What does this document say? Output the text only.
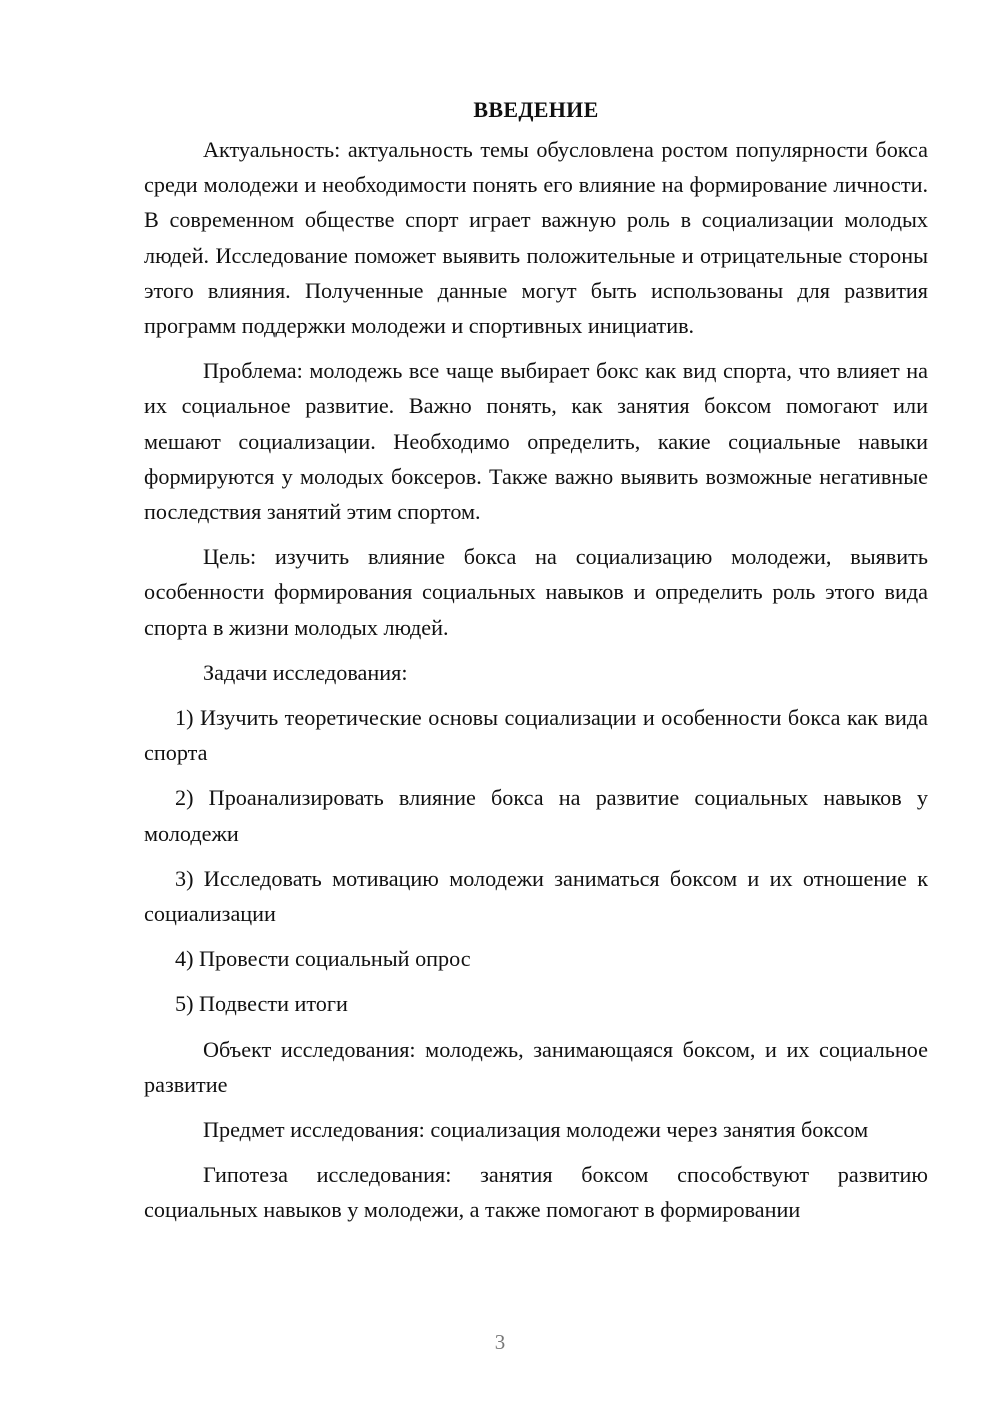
ВВЕДЕНИЕ

Актуальность: актуальность темы обусловлена ростом популярности бокса среди молодежи и необходимости понять его влияние на формирование личности. В современном обществе спорт играет важную роль в социализации молодых людей. Исследование поможет выявить положительные и отрицательные стороны этого влияния. Полученные данные могут быть использованы для развития программ поддержки молодежи и спортивных инициатив.

Проблема: молодежь все чаще выбирает бокс как вид спорта, что влияет на их социальное развитие. Важно понять, как занятия боксом помогают или мешают социализации. Необходимо определить, какие социальные навыки формируются у молодых боксеров. Также важно выявить возможные негативные последствия занятий этим спортом.

Цель: изучить влияние бокса на социализацию молодежи, выявить особенности формирования социальных навыков и определить роль этого вида спорта в жизни молодых людей.

Задачи исследования:

1) Изучить теоретические основы социализации и особенности бокса как вида спорта

2) Проанализировать влияние бокса на развитие социальных навыков у молодежи

3) Исследовать мотивацию молодежи заниматься боксом и их отношение к социализации

4) Провести социальный опрос

5) Подвести итоги

Объект исследования: молодежь, занимающаяся боксом, и их социальное развитие

Предмет исследования: социализация молодежи через занятия боксом

Гипотеза исследования: занятия боксом способствуют развитию социальных навыков у молодежи, а также помогают в формировании

3
